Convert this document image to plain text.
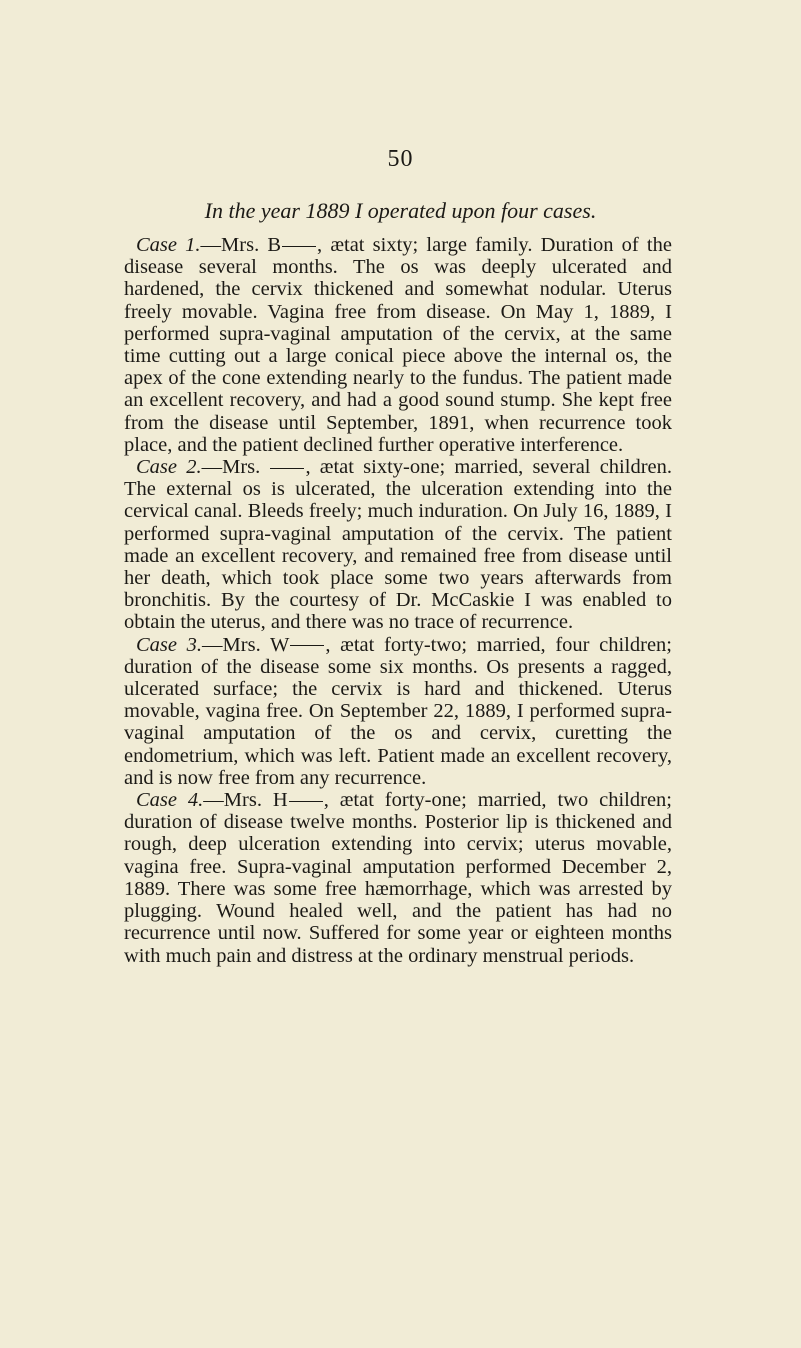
50
In the year 1889 I operated upon four cases.

Case 1.—Mrs. B , ætat sixty; large family. Duration of the disease several months. The os was deeply ulcerated and hardened, the cervix thickened and somewhat nodular. Uterus freely movable. Vagina free from disease. On May 1, 1889, I performed supra-vaginal amputation of the cervix, at the same time cutting out a large conical piece above the internal os, the apex of the cone extending nearly to the fundus. The patient made an excellent recovery, and had a good sound stump. She kept free from the disease until September, 1891, when recurrence took place, and the patient declined further operative interference.

Case 2.—Mrs. , ætat sixty-one; married, several children. The external os is ulcerated, the ulceration extending into the cervical canal. Bleeds freely; much induration. On July 16, 1889, I performed supra-vaginal amputation of the cervix. The patient made an excellent recovery, and remained free from disease until her death, which took place some two years afterwards from bronchitis. By the courtesy of Dr. McCaskie I was enabled to obtain the uterus, and there was no trace of recurrence.

Case 3.—Mrs. W , ætat forty-two; married, four children; duration of the disease some six months. Os presents a ragged, ulcerated surface; the cervix is hard and thickened. Uterus movable, vagina free. On September 22, 1889, I performed supra-vaginal amputation of the os and cervix, curetting the endometrium, which was left. Patient made an excellent recovery, and is now free from any recurrence.

Case 4.—Mrs. H , ætat forty-one; married, two children; duration of disease twelve months. Posterior lip is thickened and rough, deep ulceration extending into cervix; uterus movable, vagina free. Supra-vaginal amputation performed December 2, 1889. There was some free hæmorrhage, which was arrested by plugging. Wound healed well, and the patient has had no recurrence until now. Suffered for some year or eighteen months with much pain and distress at the ordinary menstrual periods.
